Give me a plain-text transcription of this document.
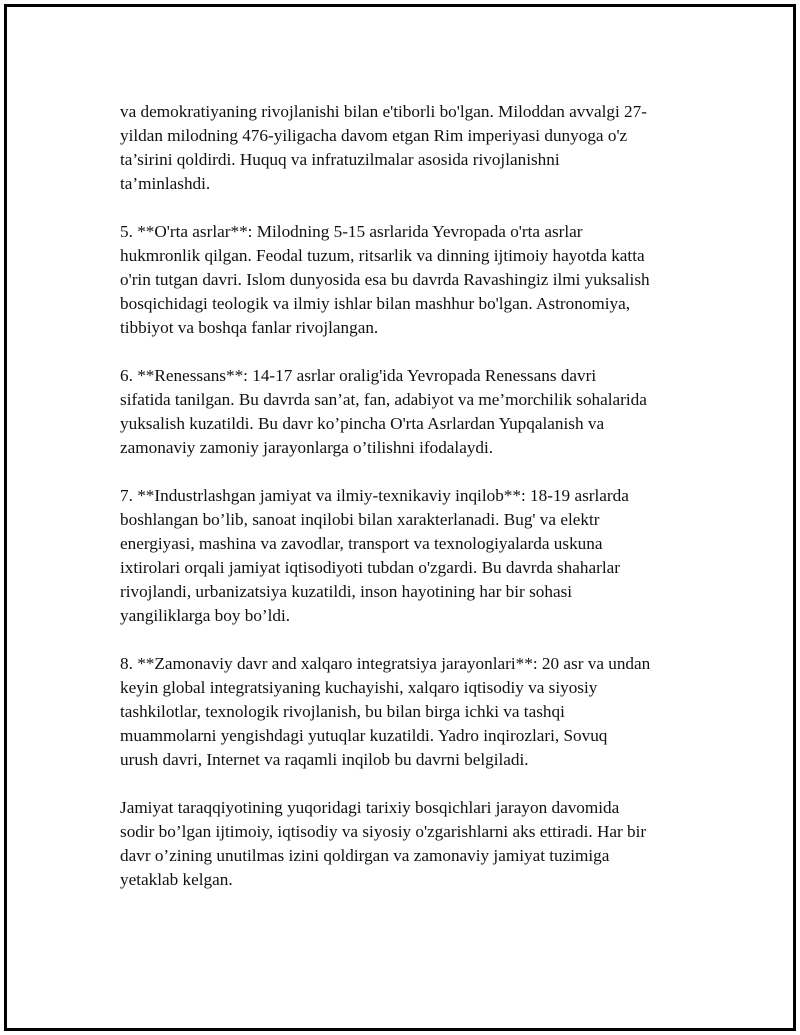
va demokratiyaning rivojlanishi bilan e'tiborli bo'lgan. Miloddan avvalgi 27-
yildan milodning 476-yiligacha davom etgan Rim imperiyasi dunyoga o'z
ta’sirini qoldirdi. Huquq va infratuzilmalar asosida rivojlanishni
ta’minlashdi.

5. **O'rta asrlar**: Milodning 5-15 asrlarida Yevropada o'rta asrlar
hukmronlik qilgan. Feodal tuzum, ritsarlik va dinning ijtimoiy hayotda katta
o'rin tutgan davri. Islom dunyosida esa bu davrda Ravashingiz ilmi yuksalish
bosqichidagi teologik va ilmiy ishlar bilan mashhur bo'lgan. Astronomiya,
tibbiyot va boshqa fanlar rivojlangan.

6. **Renessans**: 14-17 asrlar oralig'ida Yevropada Renessans davri
sifatida tanilgan. Bu davrda san’at, fan, adabiyot va me’morchilik sohalarida
yuksalish kuzatildi. Bu davr ko’pincha O'rta Asrlardan Yupqalanish va
zamonaviy zamoniy jarayonlarga o’tilishni ifodalaydi.

7. **Industrlashgan jamiyat va ilmiy-texnikaviy inqilob**: 18-19 asrlarda
boshlangan bo’lib, sanoat inqilobi bilan xarakterlanadi. Bug' va elektr
energiyasi, mashina va zavodlar, transport va texnologiyalarda uskuna
ixtirolari orqali jamiyat iqtisodiyoti tubdan o'zgardi. Bu davrda shaharlar
rivojlandi, urbanizatsiya kuzatildi, inson hayotining har bir sohasi
yangiliklarga boy bo’ldi.

8. **Zamonaviy davr and xalqaro integratsiya jarayonlari**: 20 asr va undan
keyin global integratsiyaning kuchayishi, xalqaro iqtisodiy va siyosiy
tashkilotlar, texnologik rivojlanish, bu bilan birga ichki va tashqi
muammolarni yengishdagi yutuqlar kuzatildi. Yadro inqirozlari, Sovuq
urush davri, Internet va raqamli inqilob bu davrni belgiladi.

Jamiyat taraqqiyotining yuqoridagi tarixiy bosqichlari jarayon davomida
sodir bo’lgan ijtimoiy, iqtisodiy va siyosiy o'zgarishlarni aks ettiradi. Har bir
davr o’zining unutilmas izini qoldirgan va zamonaviy jamiyat tuzimiga
yetaklab kelgan.
